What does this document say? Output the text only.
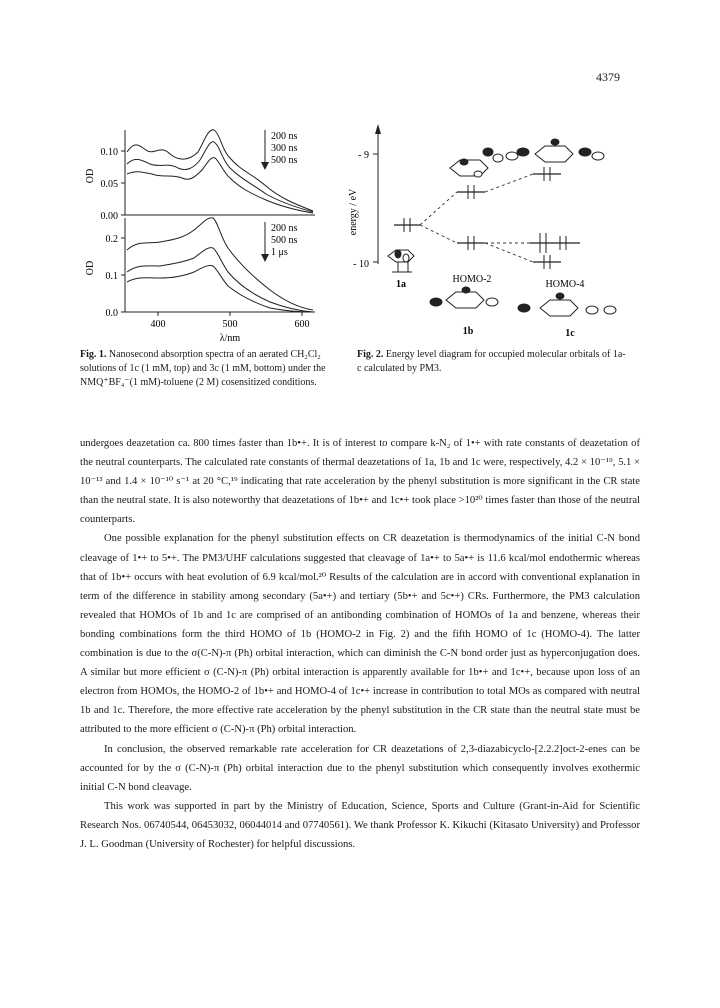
4379
0.10
0.05
0.00
OD
200 ns
300 ns
500 ns
0.2
0.1
0.0
OD
200 ns
500 ns
1 μs
400	500	600
λ/nm
- 9
- 10
energy / eV
1a	HOMO-2	HOMO-4
1b	1c
Fig. 1. Nanosecond absorption spectra of an aerated CH₂Cl₂ solutions of 1c (1 mM, top) and 3c (1 mM, bottom) under the NMQ⁺BF₄⁻(1 mM)-toluene (2 M) cosensitized conditions.
Fig. 2. Energy level diagram for occupied molecular orbitals of 1a-c calculated by PM3.

undergoes deazetation ca. 800 times faster than 1b•+. It is of interest to compare k-N₂ of 1•+ with rate constants of deazetation of the neutral counterparts. The calculated rate constants of thermal deazetations of 1a, 1b and 1c were, respectively, 4.2 × 10⁻¹⁹, 5.1 × 10⁻¹³ and 1.4 × 10⁻¹⁰ s⁻¹ at 20 °C,¹⁹ indicating that rate acceleration by the phenyl substitution is more significant in the CR state than the neutral state. It is also noteworthy that deazetations of 1b•+ and 1c•+ took place >10²⁰ times faster than those of the neutral counterparts.

One possible explanation for the phenyl substitution effects on CR deazetation is thermodynamics of the initial C-N bond cleavage of 1•+ to 5•+. The PM3/UHF calculations suggested that cleavage of 1a•+ to 5a•+ is 11.6 kcal/mol endothermic whereas that of 1b•+ occurs with heat evolution of 6.9 kcal/mol.²⁰ Results of the calculation are in accord with conventional explanation in term of the difference in stability among secondary (5a•+) and tertiary (5b•+ and 5c•+) CRs. Furthermore, the PM3 calculation revealed that HOMOs of 1b and 1c are comprised of an antibonding combination of HOMOs of 1a and benzene, whereas their bonding combinations form the third HOMO of 1b (HOMO-2 in Fig. 2) and the fifth HOMO of 1c (HOMO-4). The latter combination is due to the σ(C-N)-π (Ph) orbital interaction, which can diminish the C-N bond order just as hyperconjugation does. A similar but more efficient σ (C-N)-π (Ph) orbital interaction is apparently available for 1b•+ and 1c•+, because upon loss of an electron from HOMOs, the HOMO-2 of 1b•+ and HOMO-4 of 1c•+ increase in contribution to total MOs as compared with neutral 1b and 1c. Therefore, the more effective rate acceleration by the phenyl substitution in the CR state than the neutral state must be attributed to the more efficient σ (C-N)-π (Ph) orbital interaction.

In conclusion, the observed remarkable rate acceleration for CR deazetations of 2,3-diazabicyclo-[2.2.2]oct-2-enes can be accounted for by the σ (C-N)-π (Ph) orbital interaction due to the phenyl substitution which consequently involves exothermic initial C-N bond cleavage.

This work was supported in part by the Ministry of Education, Science, Sports and Culture (Grant-in-Aid for Scientific Research Nos. 06740544, 06453032, 06044014 and 07740561). We thank Professor K. Kikuchi (Kitasato University) and Professor J. L. Goodman (University of Rochester) for helpful discussions.
